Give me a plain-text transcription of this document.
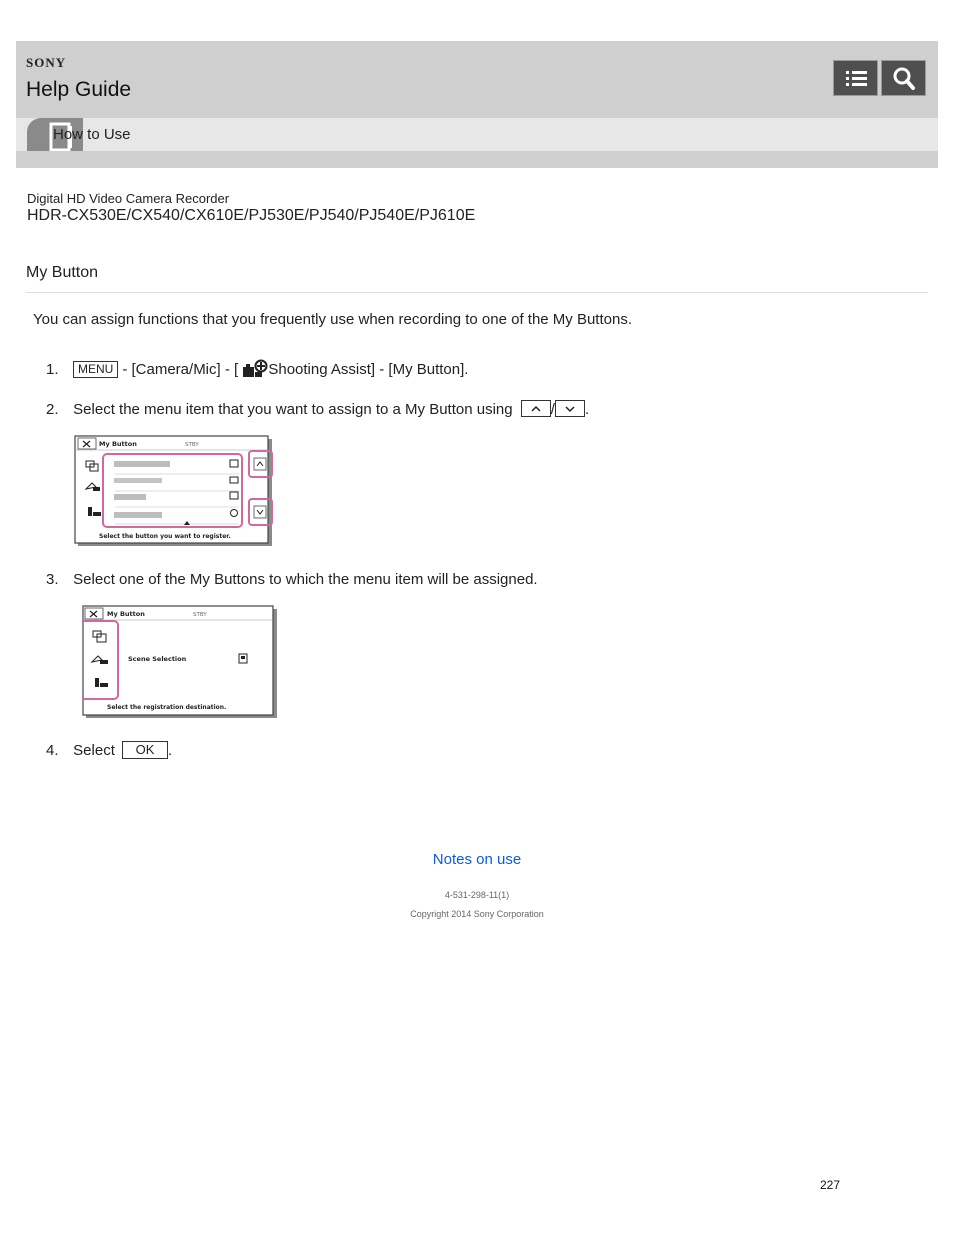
SONY
Help Guide
How to Use
Digital HD Video Camera Recorder
HDR-CX530E/CX540/CX610E/PJ530E/PJ540/PJ540E/PJ610E
My Button
You can assign functions that you frequently use when recording to one of the My Buttons.
1. MENU - [Camera/Mic] - [ Shooting Assist] - [My Button].
2. Select the menu item that you want to assign to a My Button using	/ .
My Button	STBY
Select the button you want to register.
3. Select one of the My Buttons to which the menu item will be assigned.
My Button	STBY
Scene Selection
Select the registration destination.
4. Select OK .
Notes on use
4-531-298-11(1)
Copyright 2014 Sony Corporation
227
